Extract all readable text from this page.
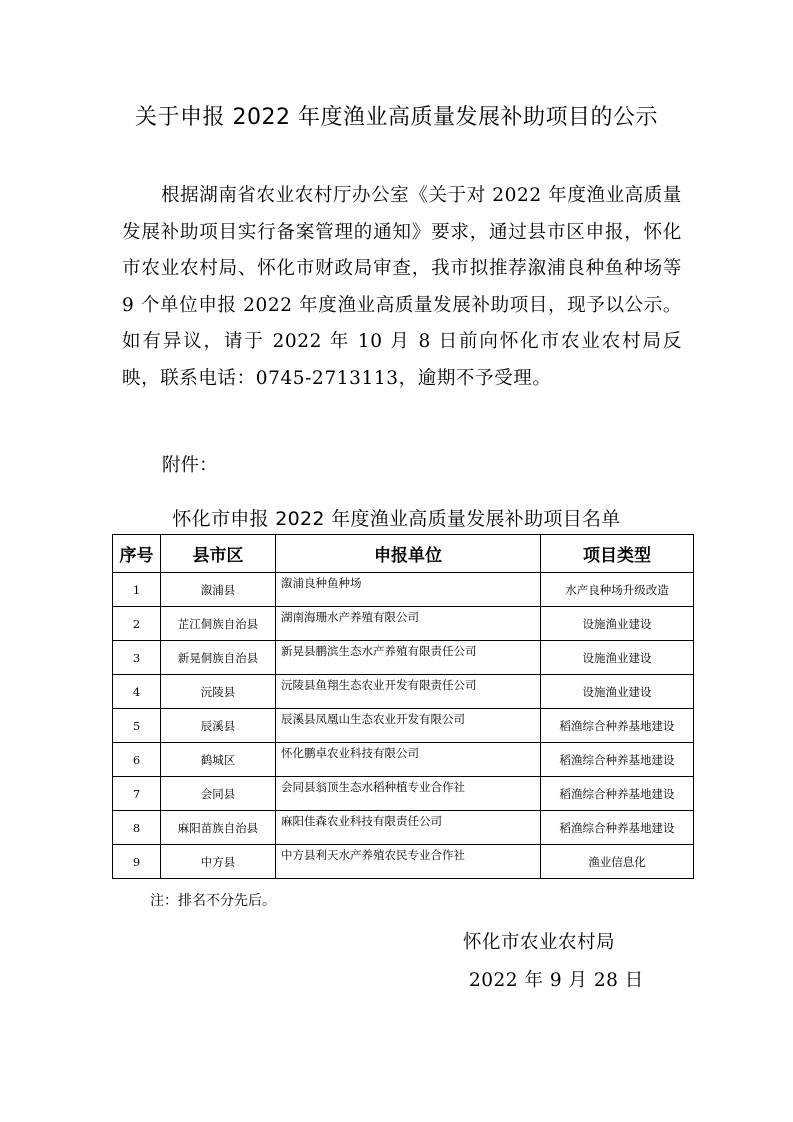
关于申报 2022 年度渔业高质量发展补助项目的公示

根据湖南省农业农村厅办公室《关于对 2022 年度渔业高质量发展补助项目实行备案管理的通知》要求，通过县市区申报，怀化市农业农村局、怀化市财政局审查，我市拟推荐溆浦良种鱼种场等 9 个单位申报 2022 年度渔业高质量发展补助项目，现予以公示。如有异议，请于 2022 年 10 月 8 日前向怀化市农业农村局反映，联系电话：0745-2713113，逾期不予受理。

附件：
怀化市申报 2022 年度渔业高质量发展补助项目名单
序号	县市区	申报单位	项目类型
1	溆浦县	溆浦良种鱼种场	水产良种场升级改造
2	芷江侗族自治县	湖南海珊水产养殖有限公司	设施渔业建设
3	新晃侗族自治县	新晃县鹏滨生态水产养殖有限责任公司	设施渔业建设
4	沅陵县	沅陵县鱼翔生态农业开发有限责任公司	设施渔业建设
5	辰溪县	辰溪县凤凰山生态农业开发有限公司	稻渔综合种养基地建设
6	鹤城区	怀化鹏卓农业科技有限公司	稻渔综合种养基地建设
7	会同县	会同县翁顶生态水稻种植专业合作社	稻渔综合种养基地建设
8	麻阳苗族自治县	麻阳佳森农业科技有限责任公司	稻渔综合种养基地建设
9	中方县	中方县利天水产养殖农民专业合作社	渔业信息化
注：排名不分先后。
怀化市农业农村局
2022 年 9 月 28 日
